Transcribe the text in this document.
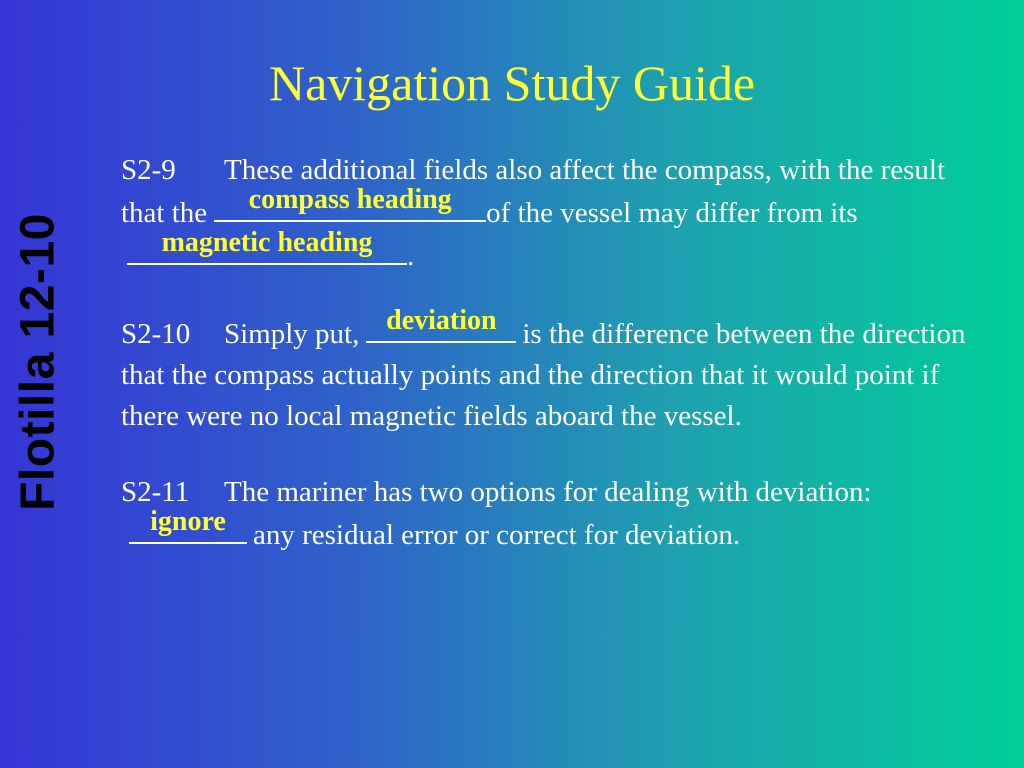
Flotilla 12-10
Navigation Study Guide

S2-9 These additional fields also affect the compass, with the result that the	compass heading	of the vessel may differ from its
magnetic heading	.

S2-10 Simply put, deviation is the difference between the direction that the compass actually points and the direction that it would point if there were no local magnetic fields aboard the vessel.

S2-11 The mariner has two options for dealing with deviation:
ignore any residual error or correct for deviation.
